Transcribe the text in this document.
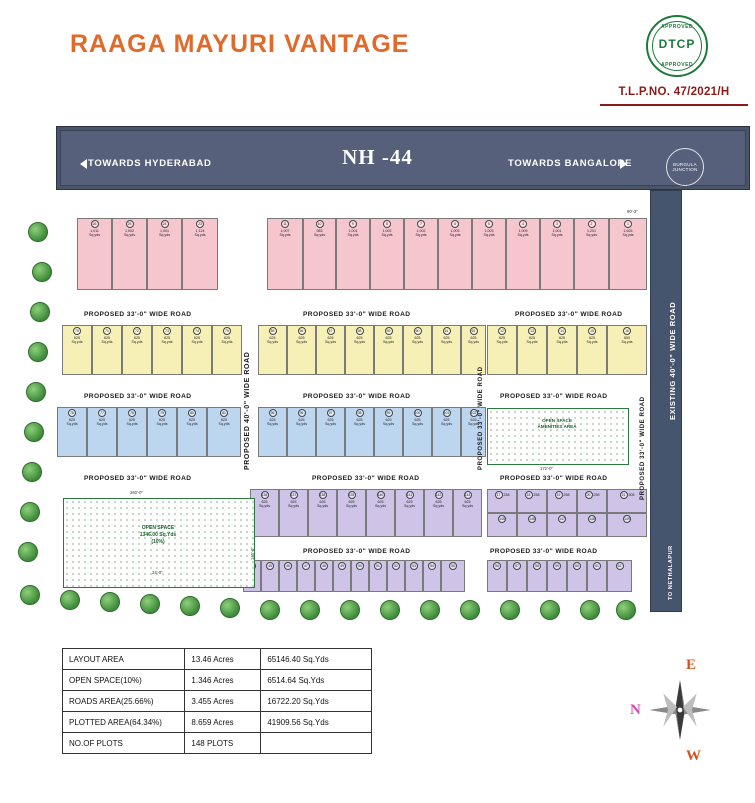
RAAGA MAYURI VANTAGE
APPROVED
DTCP
APPROVED
T.L.P.NO. 47/2021/H
NH -44
TOWARDS HYDERABAD	TOWARDS BANGALORE	BURGULA JUNCTION
EXISTING 40'-0" WIDE ROAD
TO NETHALAPUR
90'-3"
1
1,625
Sq.yds
2
1,201
Sq.yds
3
1,001
Sq.yds
4
1,009
Sq.yds
5
1,003
Sq.yds
6
1,003
Sq.yds
7
1,002
Sq.yds
8
1,002
Sq.yds
9
1,001
Sq.yds
10
983
Sq.yds
11
1,007
Sq.yds
23
1,124
Sq.yds
24
1,001
Sq.yds
25
1,002
Sq.yds
26
1,011
Sq.yds
PROPOSED 33'-0" WIDE ROAD	PROPOSED 33'-0" WIDE ROAD	PROPOSED 33'-0" WIDE ROAD
70
625
Sq.yds
71
625
Sq.yds
72
625
Sq.yds
73
625
Sq.yds
74
625
Sq.yds
75
625
Sq.yds
55
625
Sq.yds
56
625
Sq.yds
57
625
Sq.yds
58
625
Sq.yds
59
625
Sq.yds
60
625
Sq.yds
61
625
Sq.yds
62
625
Sq.yds
12
625
Sq.yds
13
625
Sq.yds
14
625
Sq.yds
15
625
Sq.yds
16
800
Sq.yds
PROPOSED 33'-0" WIDE ROAD	PROPOSED 33'-0" WIDE ROAD	PROPOSED 33'-0" WIDE ROAD
76
625
Sq.yds
77
625
Sq.yds
78
625
Sq.yds
79
625
Sq.yds
80
625
Sq.yds
81
625
Sq.yds
95
625
Sq.yds
96
625
Sq.yds
97
625
Sq.yds
98
625
Sq.yds
99
625
Sq.yds
100
625
Sq.yds
101
625
Sq.yds
102
625
Sq.yds
OPEN SPACE
AMENITIES AREA
172'-0"
PROPOSED 33'-0" WIDE ROAD	PROPOSED 33'-0" WIDE ROAD	PROPOSED 33'-0" WIDE ROAD
136
625
Sq.yds
137
625
Sq.yds
138
625
Sq.yds
139
625
Sq.yds
140
625
Sq.yds
141
625
Sq.yds
142
625
Sq.yds
143
625
Sq.yds
17 258	18 258	19 258	20 258	21 305
145	146	147	148	149
PROPOSED 33'-0" WIDE ROAD	PROPOSED 33'-0" WIDE ROAD
45	46	47	48	49	50	51	52	53	54	55	56	57	58	59	60	61	62
PROPOSED 40'-0" WIDE ROAD	PROPOSED 33'-0" WIDE ROAD	PROPOSED 33'-0" WIDE ROAD
OPEN SPACE
1346.00 Sq.Yds
(10%)
260'-0"
145'-0"
24'-0"
LAYOUT AREA	13.46 Acres	65146.40 Sq.Yds
OPEN SPACE(10%)	1.346 Acres	6514.64 Sq.Yds
ROADS AREA(25.66%)	3.455 Acres	16722.20 Sq.Yds
PLOTTED AREA(64.34%)	8.659 Acres	41909.56 Sq.Yds
NO.OF PLOTS	148 PLOTS	
N
E
W
